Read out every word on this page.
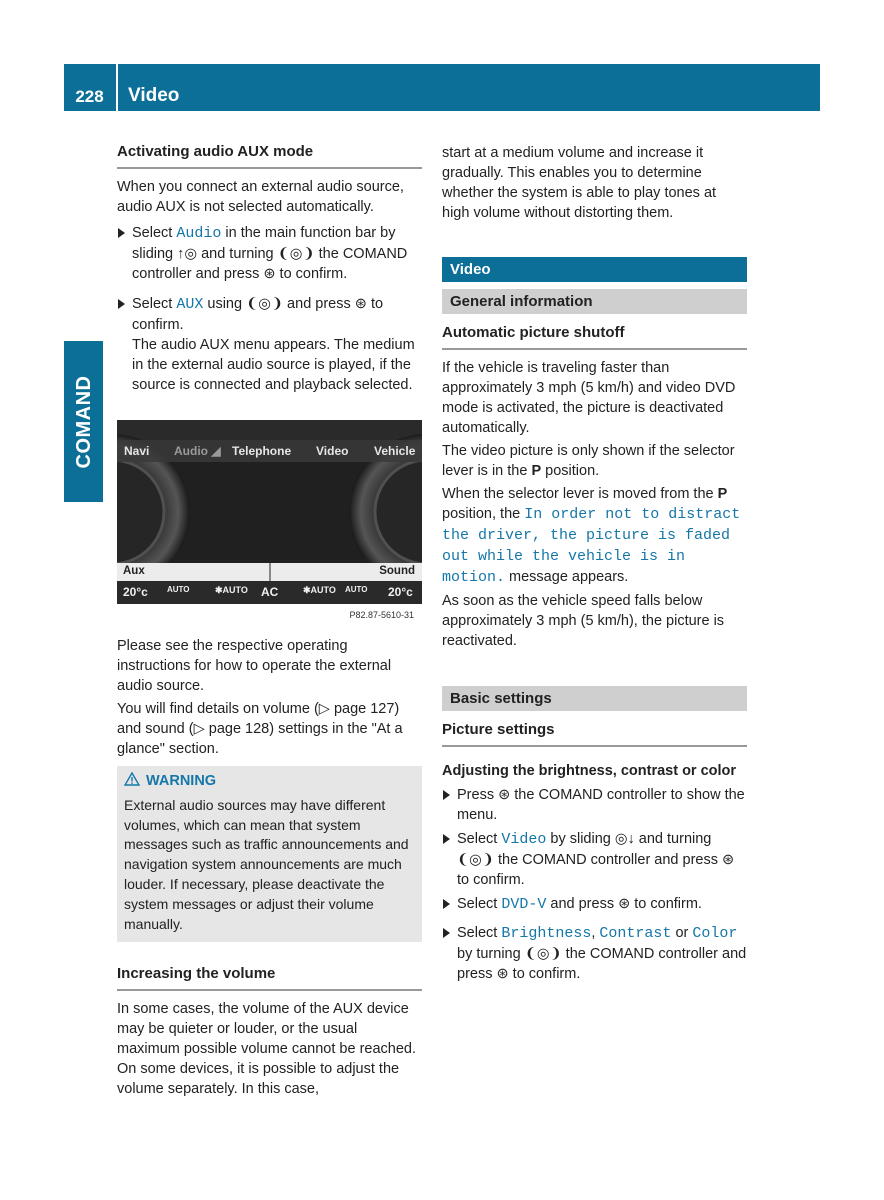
228	Video
COMAND
Activating audio AUX mode

When you connect an external audio source, audio AUX is not selected automatically.

Select Audio in the main function bar by sliding ↑◎ and turning ❨◎❩ the COMAND controller and press ⊛ to confirm.
Select AUX using ❨◎❩ and press ⊛ to confirm.

The audio AUX menu appears. The medium in the external audio source is played, if the source is connected and playback selected.

Navi Audio ◢ Telephone Video Vehicle
Aux	Sound
20°c AUTO	✱AUTO AC	✱AUTO AUTO 20°c
P82.87-5610-31

Please see the respective operating instructions for how to operate the external audio source.

You will find details on volume (▷ page 127) and sound (▷ page 128) settings in the "At a glance" section.

WARNING
External audio sources may have different volumes, which can mean that system messages such as traffic announcements and navigation system announcements are much louder. If necessary, please deactivate the system messages or adjust their volume manually.
Increasing the volume

In some cases, the volume of the AUX device may be quieter or louder, or the usual maximum possible volume cannot be reached. On some devices, it is possible to adjust the volume separately. In this case,

start at a medium volume and increase it gradually. This enables you to determine whether the system is able to play tones at high volume without distorting them.

Video
General information
Automatic picture shutoff

If the vehicle is traveling faster than approximately 3 mph (5 km/h) and video DVD mode is activated, the picture is deactivated automatically.

The video picture is only shown if the selector lever is in the P position.

When the selector lever is moved from the P position, the In order not to distract the driver, the picture is faded out while the vehicle is in motion. message appears.

As soon as the vehicle speed falls below approximately 3 mph (5 km/h), the picture is reactivated.

Basic settings
Picture settings

Adjusting the brightness, contrast or color

Press ⊛ the COMAND controller to show the menu.
Select Video by sliding ◎↓ and turning ❨◎❩ the COMAND controller and press ⊛ to confirm.
Select DVD-V and press ⊛ to confirm.
Select Brightness, Contrast or Color by turning ❨◎❩ the COMAND controller and press ⊛ to confirm.
